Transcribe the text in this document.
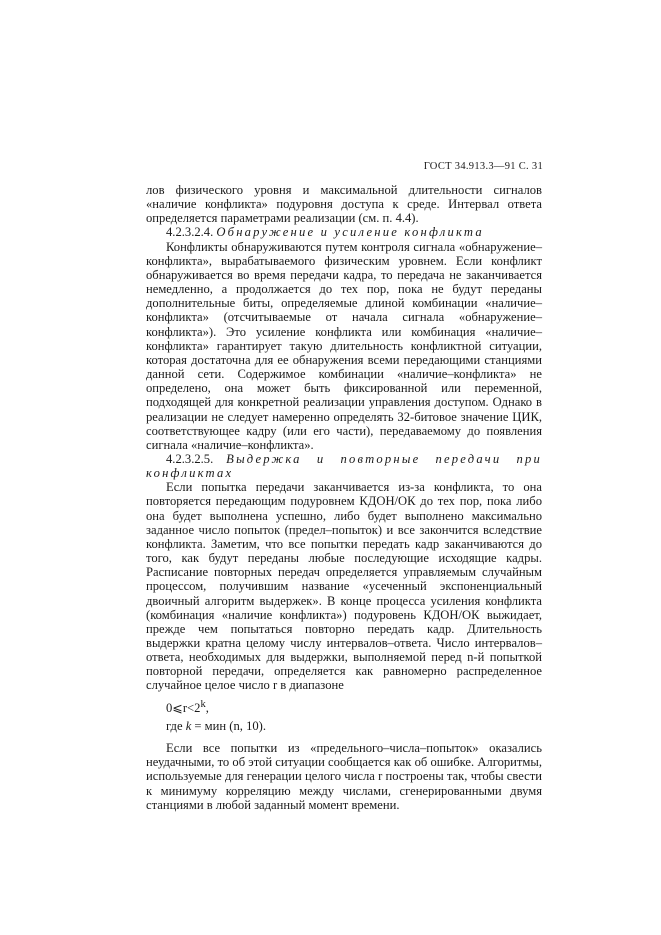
ГОСТ 34.913.3—91 С. 31

лов физического уровня и максимальной длительности сигналов «наличие конфликта» подуровня доступа к среде. Интервал ответа определяется параметрами реализации (см. п. 4.4).

4.2.3.2.4. Обнаружение и усиление конфликта

Конфликты обнаруживаются путем контроля сигнала «обнаружение–конфликта», вырабатываемого физическим уровнем. Если конфликт обнаруживается во время передачи кадра, то передача не заканчивается немедленно, а продолжается до тех пор, пока не будут переданы дополнительные биты, определяемые длиной комбинации «наличие–конфликта» (отсчитываемые от начала сигнала «обнаружение–конфликта»). Это усиление конфликта или комбинация «наличие–конфликта» гарантирует такую длительность конфликтной ситуации, которая достаточна для ее обнаружения всеми передающими станциями данной сети. Содержимое комбинации «наличие–конфликта» не определено, она может быть фиксированной или переменной, подходящей для конкретной реализации управления доступом. Однако в реализации не следует намеренно определять 32-битовое значение ЦИК, соответствующее кадру (или его части), передаваемому до появления сигнала «наличие–конфликта».

4.2.3.2.5. Выдержка и повторные передачи при конфликтах

Если попытка передачи заканчивается из-за конфликта, то она повторяется передающим подуровнем КДОН/ОК до тех пор, пока либо она будет выполнена успешно, либо будет выполнено максимально заданное число попыток (предел–попыток) и все закончится вследствие конфликта. Заметим, что все попытки передать кадр заканчиваются до того, как будут переданы любые последующие исходящие кадры. Расписание повторных передач определяется управляемым случайным процессом, получившим название «усеченный экспоненциальный двоичный алгоритм выдержек». В конце процесса усиления конфликта (комбинация «наличие конфликта») подуровень КДОН/ОК выжидает, прежде чем попытаться повторно передать кадр. Длительность выдержки кратна целому числу интервалов–ответа. Число интервалов–ответа, необходимых для выдержки, выполняемой перед n-й попыткой повторной передачи, определяется как равномерно распределенное случайное целое число r в диапазоне

$0⩽r<2^k$,

где k = мин (n, 10).

Если все попытки из «предельного–числа–попыток» оказались неудачными, то об этой ситуации сообщается как об ошибке. Алгоритмы, используемые для генерации целого числа r построены так, чтобы свести к минимуму корреляцию между числами, сгенерированными двумя станциями в любой заданный момент времени.
